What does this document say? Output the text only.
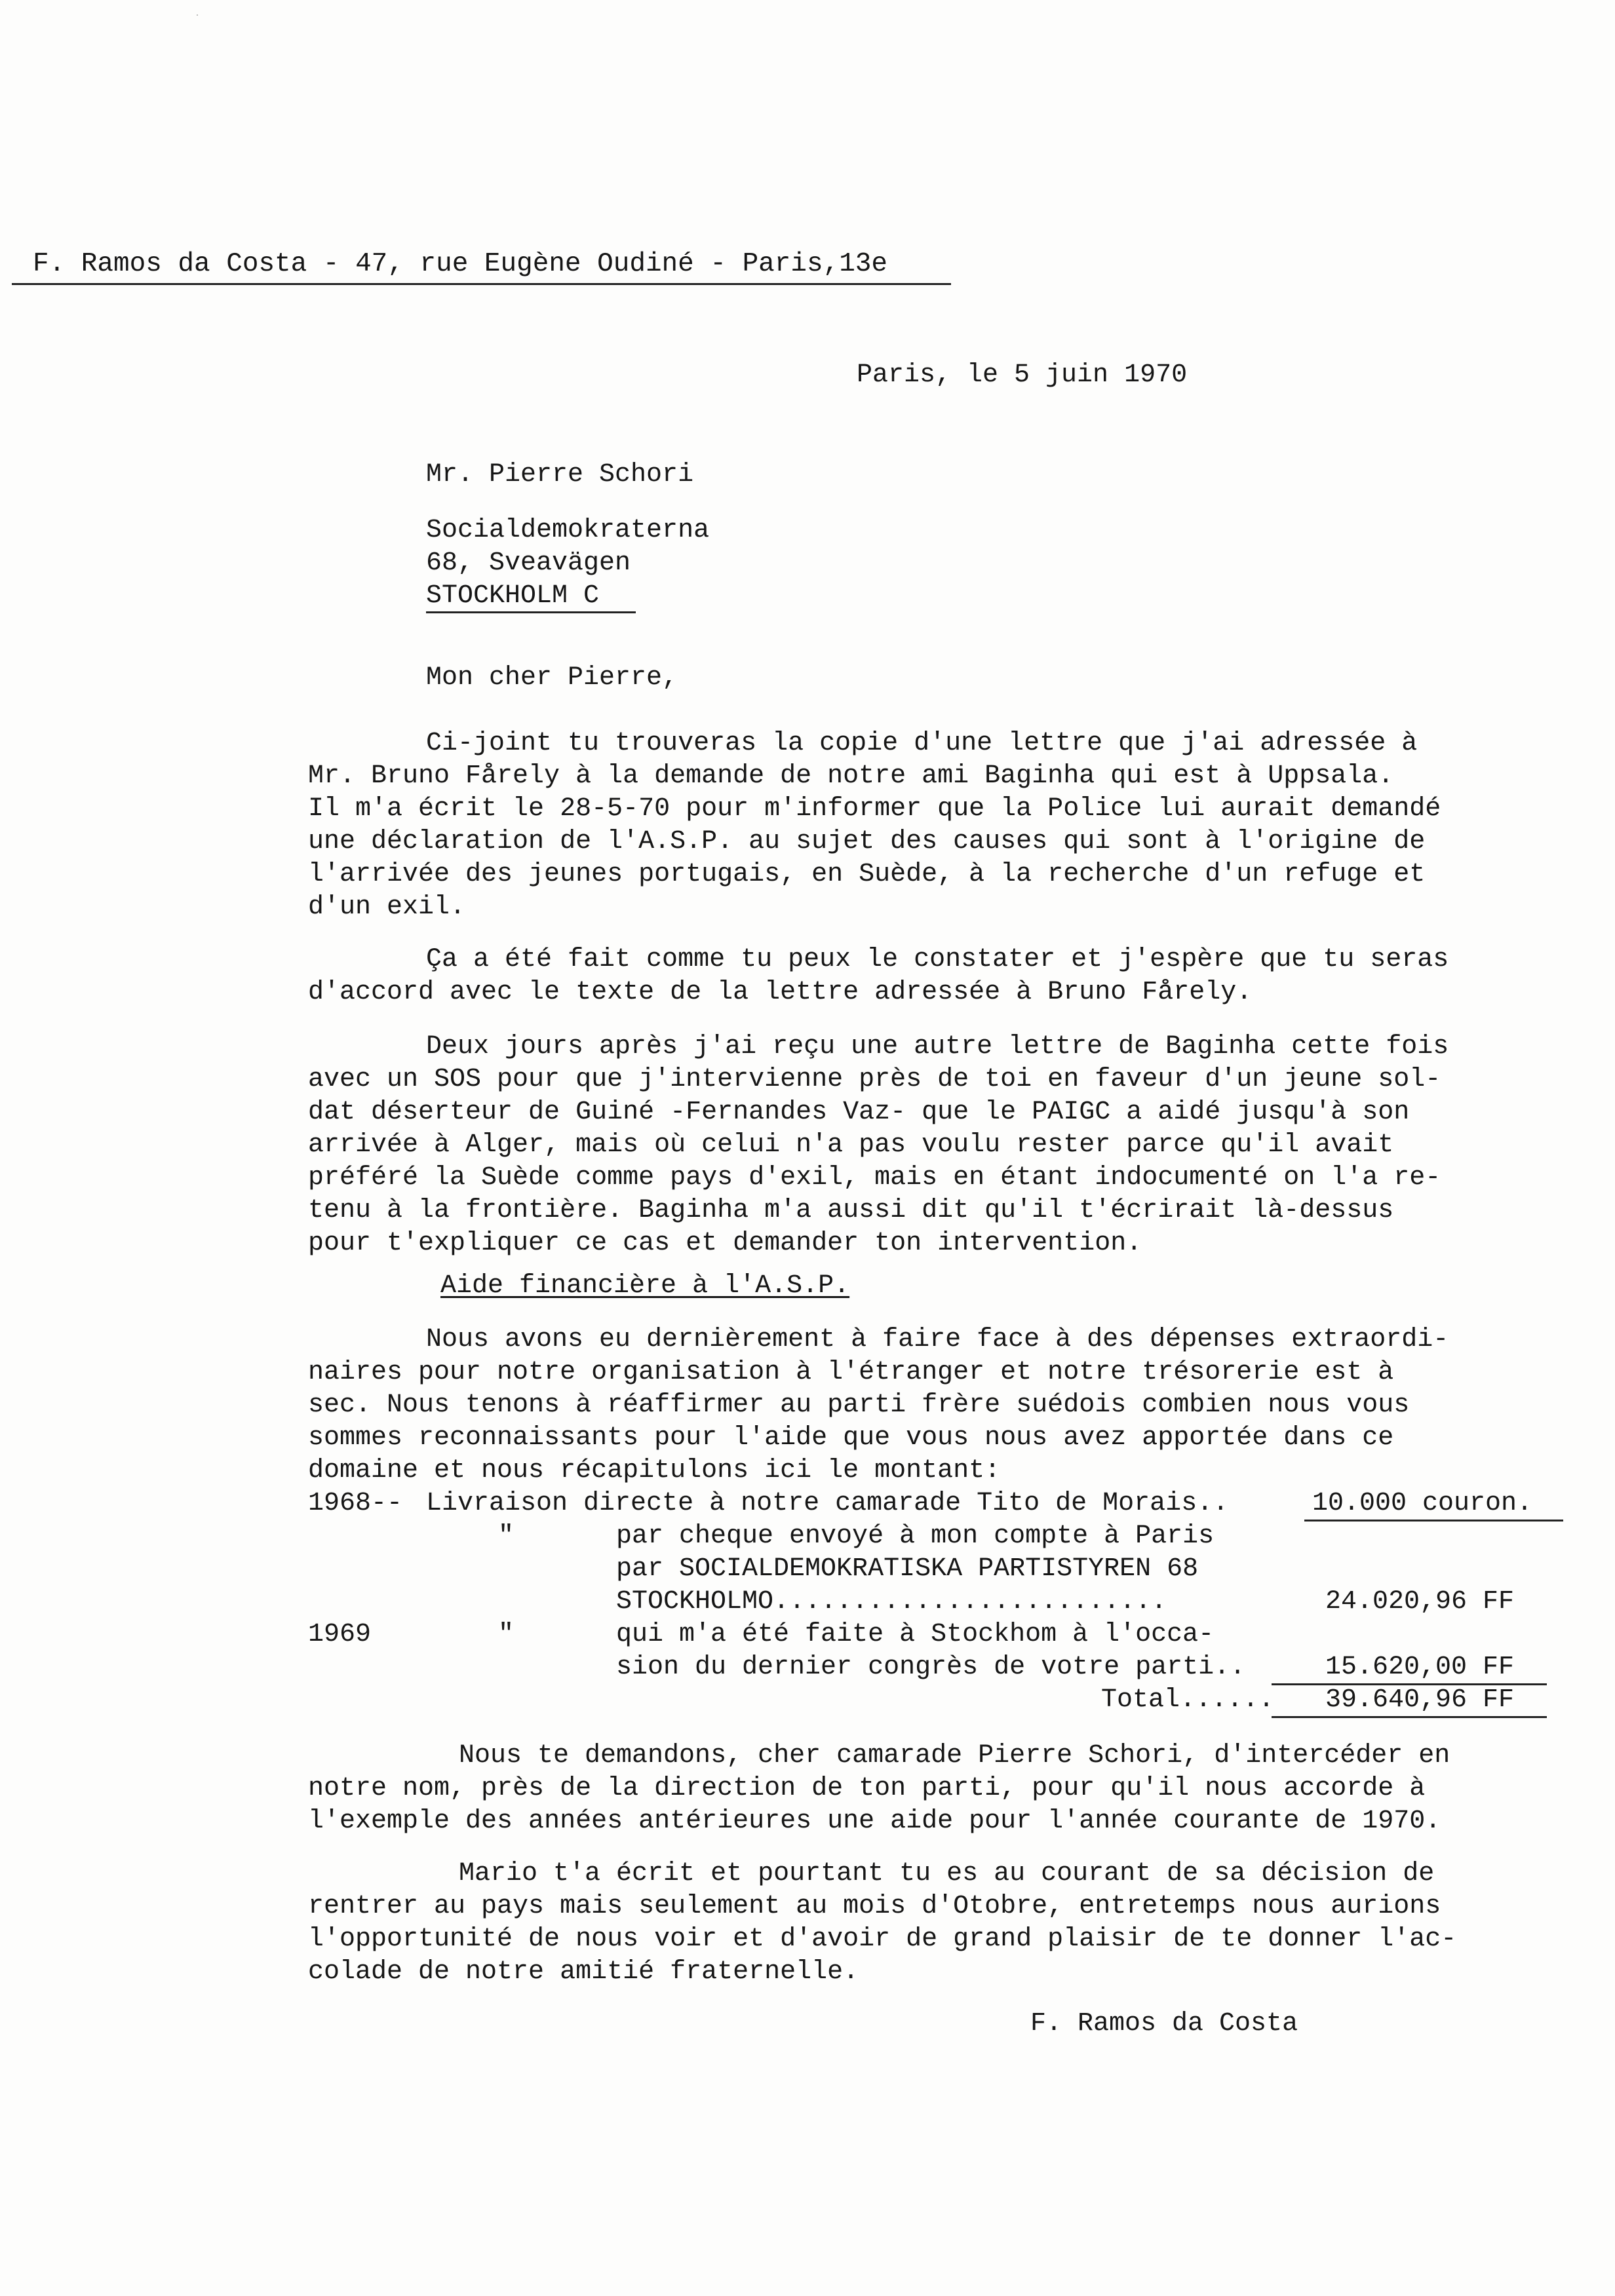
F. Ramos da Costa - 47, rue Eugène Oudiné - Paris,13e

Paris, le 5 juin 1970

Mr. Pierre Schori

Socialdemokraterna

68, Sveavägen

STOCKHOLM C

Mon cher Pierre,

Ci-joint tu trouveras la copie d'une lettre que j'ai adressée à

Mr. Bruno Fårely à la demande de notre ami Baginha qui est à Uppsala.

Il m'a écrit le 28-5-70 pour m'informer que la Police lui aurait demandé

une déclaration de l'A.S.P. au sujet des causes qui sont à l'origine de

l'arrivée des jeunes portugais, en Suède, à la recherche d'un refuge et

d'un exil.

Ça a été fait comme tu peux le constater et j'espère que tu seras

d'accord avec le texte de la lettre adressée à Bruno Fårely.

Deux jours après j'ai reçu une autre lettre de Baginha cette fois

avec un SOS pour que j'intervienne près de toi en faveur d'un jeune sol-

dat déserteur de Guiné -Fernandes Vaz- que le PAIGC a aidé jusqu'à son

arrivée à Alger, mais où celui n'a pas voulu rester parce qu'il avait

préféré la Suède comme pays d'exil, mais en étant indocumenté on l'a re-

tenu à la frontière. Baginha m'a aussi dit qu'il t'écrirait là-dessus

pour t'expliquer ce cas et demander ton intervention.

Aide financière à l'A.S.P.

Nous avons eu dernièrement à faire face à des dépenses extraordi-

naires pour notre organisation à l'étranger et notre trésorerie est à

sec. Nous tenons à réaffirmer au parti frère suédois combien nous vous

sommes reconnaissants pour l'aide que vous nous avez apportée dans ce

domaine et nous récapitulons ici le montant:

1968-- Livraison directe à notre camarade Tito de Morais..	10.000 couron.

"	par cheque envoyé à mon compte à Paris

par SOCIALDEMOKRATISKA PARTISTYREN 68

STOCKHOLMO.........................	24.020,96 FF

1969	"	qui m'a été faite à Stockhom à l'occa-

sion du dernier congrès de votre parti..	15.620,00 FF

Total...... 39.640,96 FF

Nous te demandons, cher camarade Pierre Schori, d'intercéder en

notre nom, près de la direction de ton parti, pour qu'il nous accorde à

l'exemple des années antérieures une aide pour l'année courante de 1970.

Mario t'a écrit et pourtant tu es au courant de sa décision de

rentrer au pays mais seulement au mois d'Otobre, entretemps nous aurions

l'opportunité de nous voir et d'avoir de grand plaisir de te donner l'ac-

colade de notre amitié fraternelle.

F. Ramos da Costa
